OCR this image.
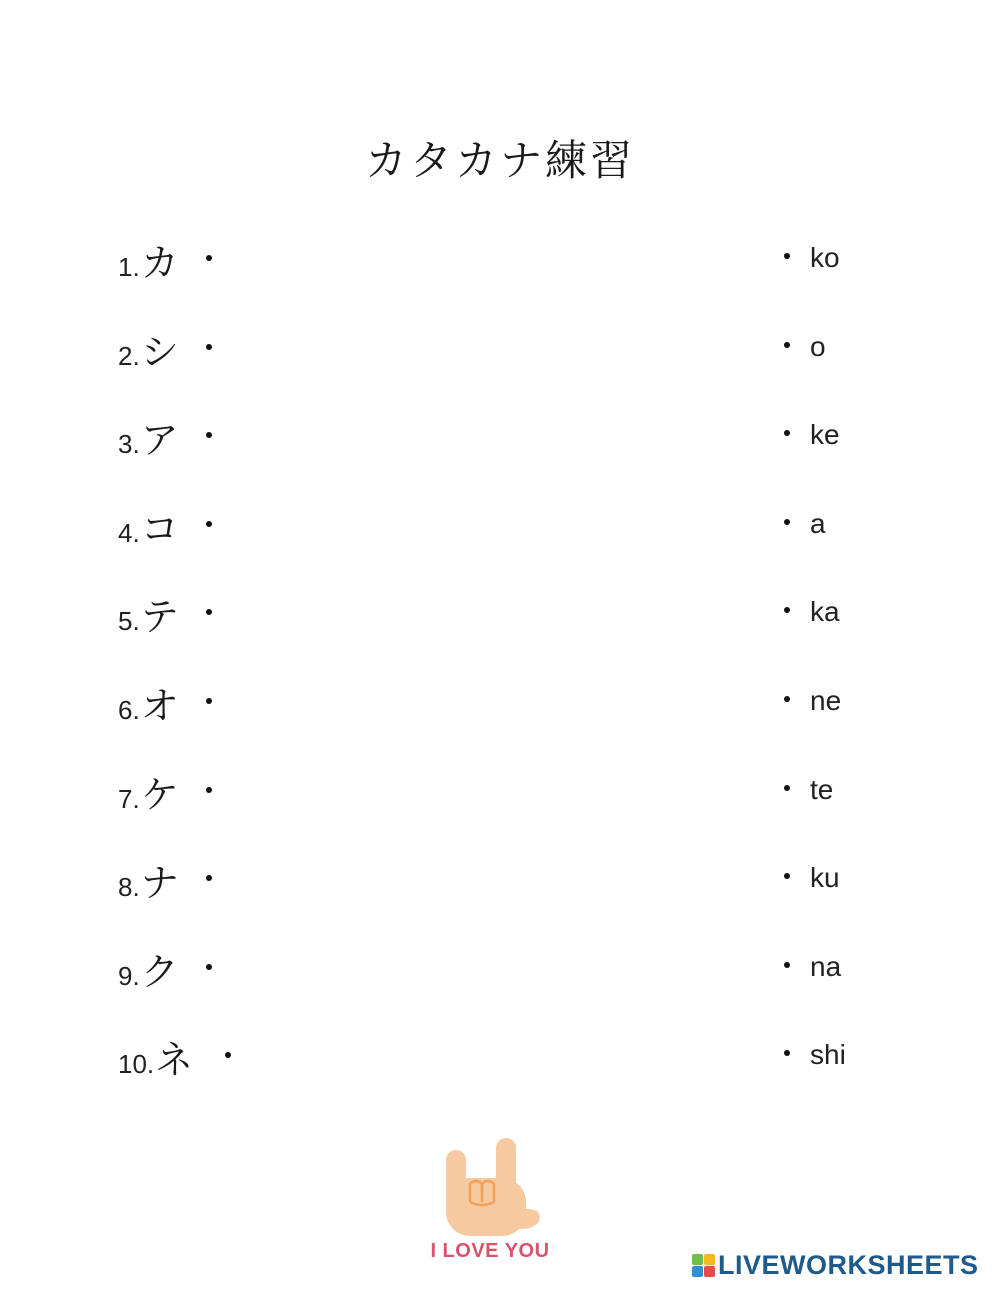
カタカナ練習
1. カ	ko
2. シ	o
3. ア	ke
4. コ	a
5. テ	ka
6. オ	ne
7. ケ	te
8. ナ	ku
9. ク	na
10. ネ	shi
I LOVE YOU	LIVEWORKSHEETS
